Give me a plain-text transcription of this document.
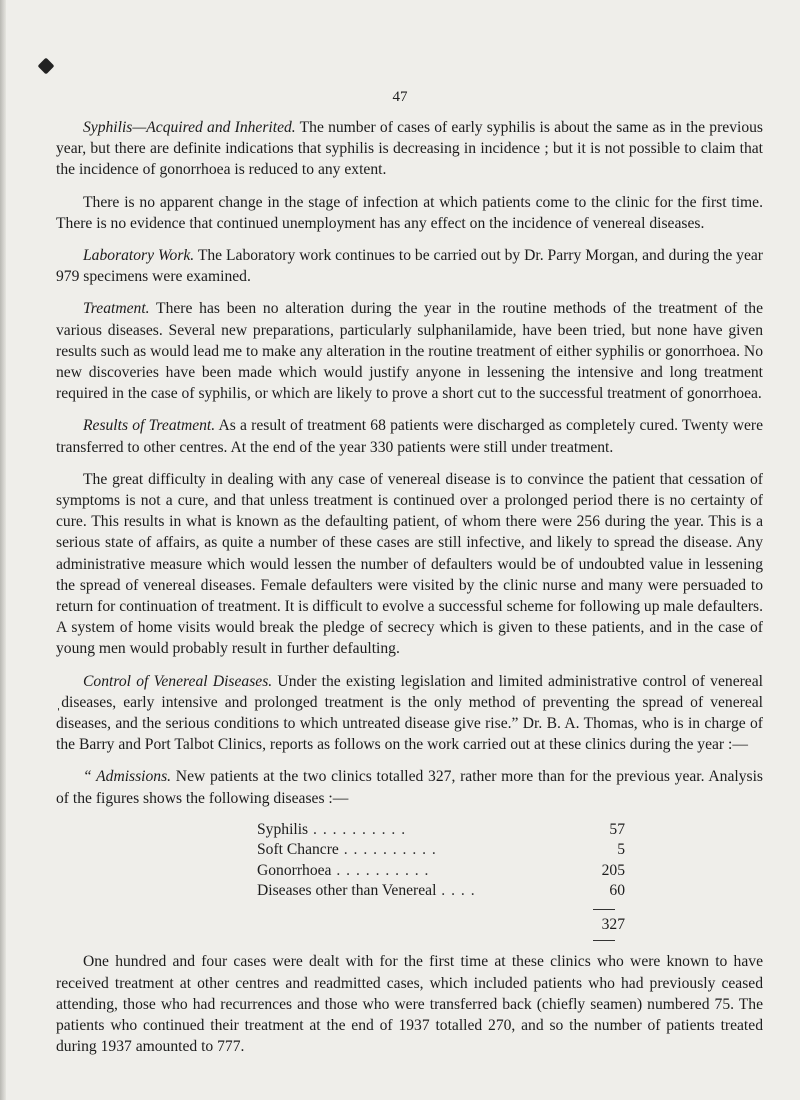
47

Syphilis—Acquired and Inherited. The number of cases of early syphilis is about the same as in the previous year, but there are definite indications that syphilis is decreasing in incidence ; but it is not possible to claim that the incidence of gonorrhoea is reduced to any extent.

There is no apparent change in the stage of infection at which patients come to the clinic for the first time. There is no evidence that continued unemployment has any effect on the incidence of venereal diseases.

Laboratory Work. The Laboratory work continues to be carried out by Dr. Parry Morgan, and during the year 979 specimens were examined.

Treatment. There has been no alteration during the year in the routine methods of the treatment of the various diseases. Several new preparations, particularly sulphanilamide, have been tried, but none have given results such as would lead me to make any alteration in the routine treatment of either syphilis or gonorrhoea. No new discoveries have been made which would justify anyone in lessening the intensive and long treatment required in the case of syphilis, or which are likely to prove a short cut to the successful treatment of gonorrhoea.

Results of Treatment. As a result of treatment 68 patients were discharged as completely cured. Twenty were transferred to other centres. At the end of the year 330 patients were still under treatment.

The great difficulty in dealing with any case of venereal disease is to convince the patient that cessation of symptoms is not a cure, and that unless treatment is continued over a prolonged period there is no certainty of cure. This results in what is known as the defaulting patient, of whom there were 256 during the year. This is a serious state of affairs, as quite a number of these cases are still infective, and likely to spread the disease. Any administrative measure which would lessen the number of defaulters would be of undoubted value in lessening the spread of venereal diseases. Female defaulters were visited by the clinic nurse and many were persuaded to return for continuation of treatment. It is difficult to evolve a successful scheme for following up male defaulters. A system of home visits would break the pledge of secrecy which is given to these patients, and in the case of young men would probably result in further defaulting.

Control of Venereal Diseases. Under the existing legislation and limited administrative control of venereal ˌdiseases, early intensive and prolonged treatment is the only method of preventing the spread of venereal diseases, and the serious conditions to which untreated disease give rise.” Dr. B. A. Thomas, who is in charge of the Barry and Port Talbot Clinics, reports as follows on the work carried out at these clinics during the year :—

“ Admissions. New patients at the two clinics totalled 327, rather more than for the previous year. Analysis of the figures shows the following diseases :—

Syphilis . . . . . . . . . .	57
Soft Chancre . . . . . . . . . .	5
Gonorrhoea . . . . . . . . . .	205
Diseases other than Venereal . . . .	60
327

One hundred and four cases were dealt with for the first time at these clinics who were known to have received treatment at other centres and readmitted cases, which included patients who had previously ceased attending, those who had recurrences and those who were transferred back (chiefly seamen) numbered 75. The patients who continued their treatment at the end of 1937 totalled 270, and so the number of patients treated during 1937 amounted to 777.
